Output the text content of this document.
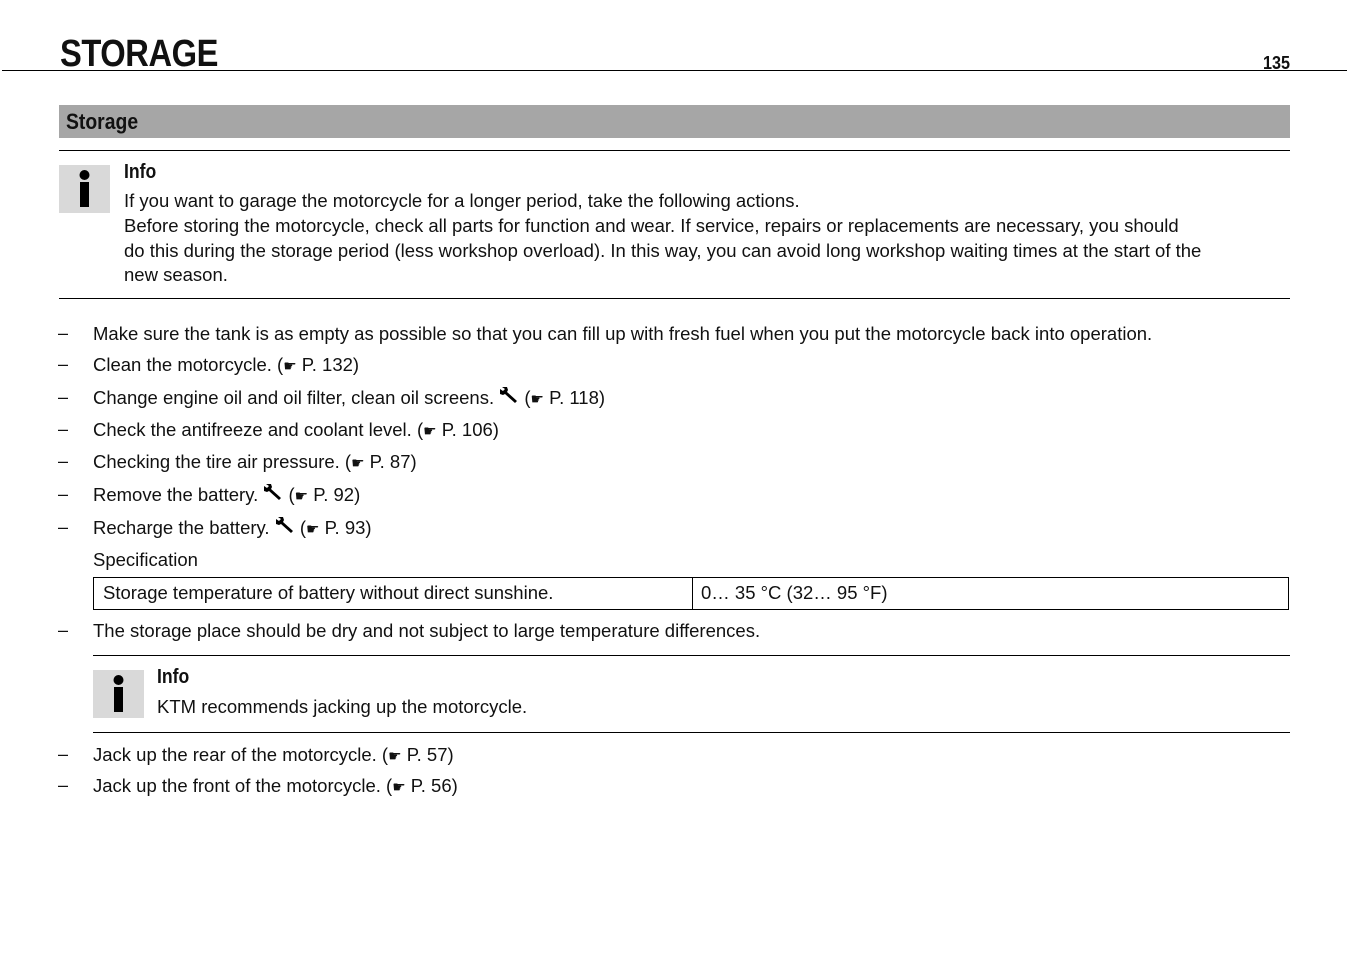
STORAGE	135
Storage
Info
If you want to garage the motorcycle for a longer period, take the following actions.
Before storing the motorcycle, check all parts for function and wear. If service, repairs or replacements are necessary, you should
do this during the storage period (less workshop overload). In this way, you can avoid long workshop waiting times at the start of the
new season.
– Make sure the tank is as empty as possible so that you can fill up with fresh fuel when you put the motorcycle back into operation.
– Clean the motorcycle. (☛ P. 132)
– Change engine oil and oil filter, clean oil screens.  (☛ P. 118)
– Check the antifreeze and coolant level. (☛ P. 106)
– Checking the tire air pressure. (☛ P. 87)
– Remove the battery.  (☛ P. 92)
– Recharge the battery.  (☛ P. 93)
Specification
Storage temperature of battery without direct sunshine.	0… 35 °C (32… 95 °F)
– The storage place should be dry and not subject to large temperature differences.
Info
KTM recommends jacking up the motorcycle.
– Jack up the rear of the motorcycle. (☛ P. 57)
– Jack up the front of the motorcycle. (☛ P. 56)
